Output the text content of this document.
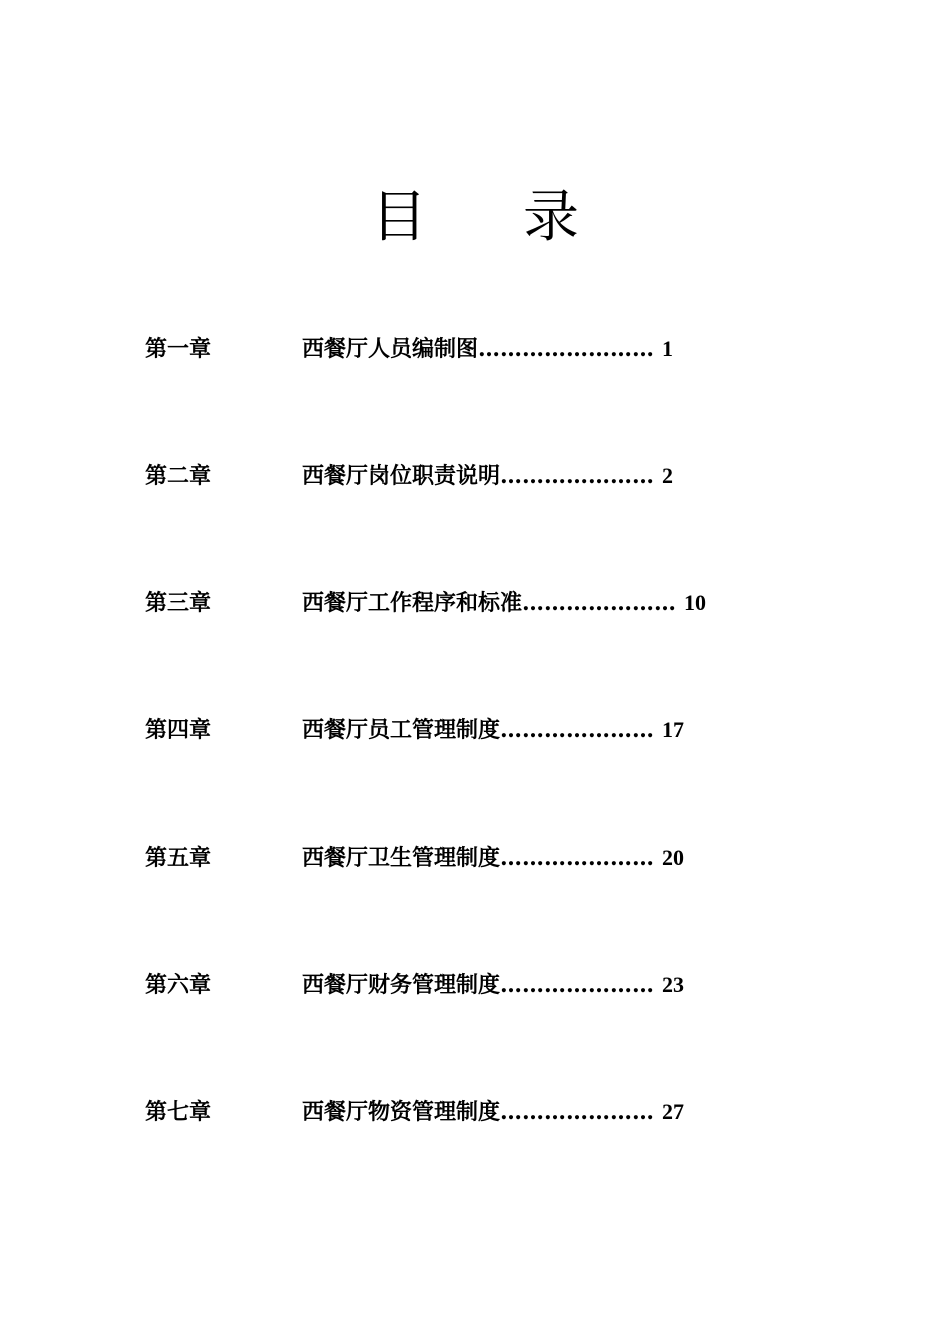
目 录
第一章	西餐厅人员编制图…………………… 1
第二章	西餐厅岗位职责说明………………… 2
第三章	西餐厅工作程序和标准………………… 10
第四章	西餐厅员工管理制度………………… 17
第五章	西餐厅卫生管理制度………………… 20
第六章	西餐厅财务管理制度………………… 23
第七章	西餐厅物资管理制度………………… 27
